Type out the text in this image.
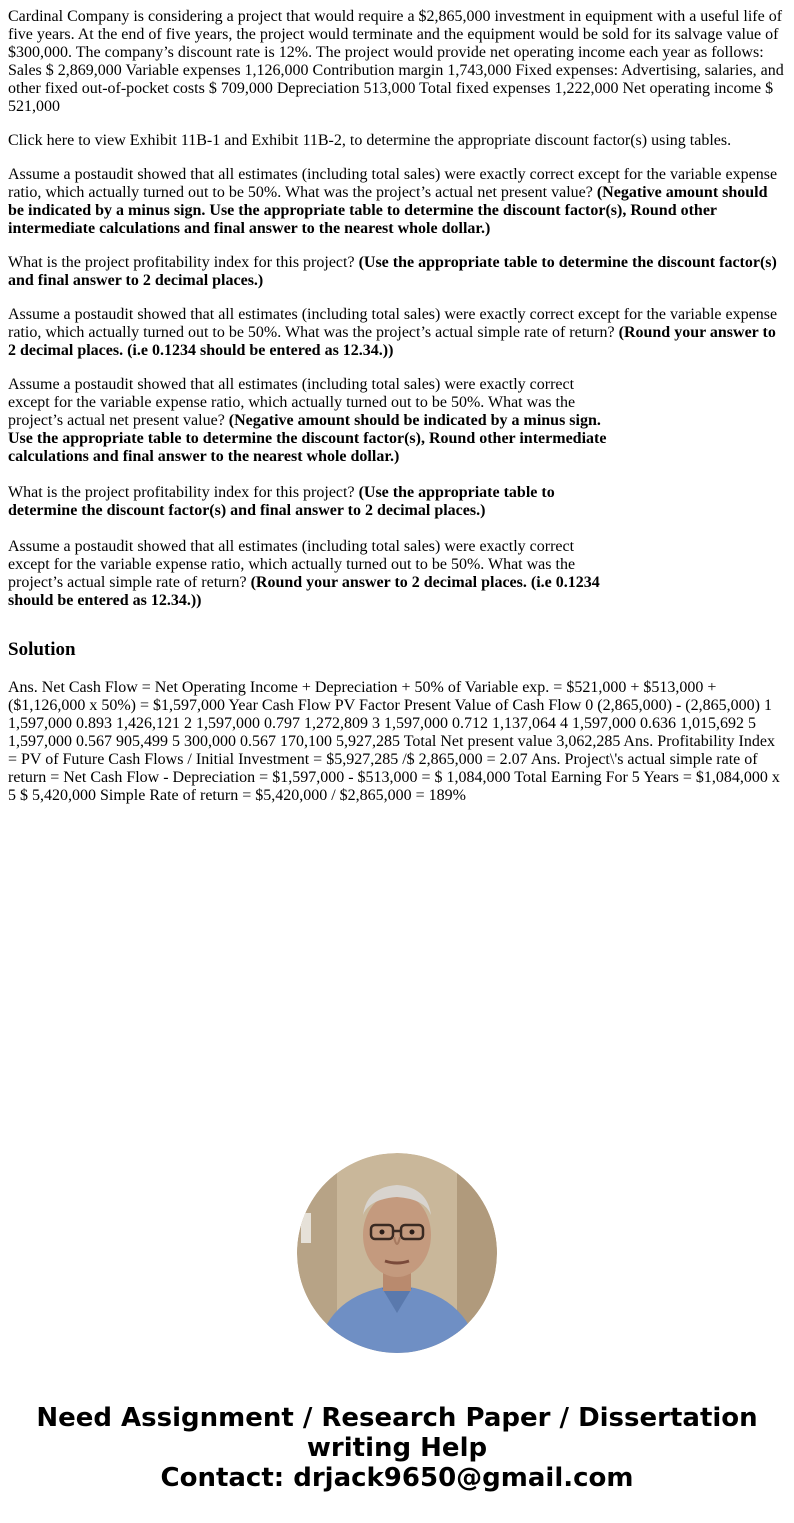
Cardinal Company is considering a project that would require a $2,865,000 investment in equipment with a useful life of five years. At the end of five years, the project would terminate and the equipment would be sold for its salvage value of $300,000. The company’s discount rate is 12%. The project would provide net operating income each year as follows: Sales $ 2,869,000 Variable expenses 1,126,000 Contribution margin 1,743,000 Fixed expenses: Advertising, salaries, and other fixed out-of-pocket costs $ 709,000 Depreciation 513,000 Total fixed expenses 1,222,000 Net operating income $ 521,000

Click here to view Exhibit 11B-1 and Exhibit 11B-2, to determine the appropriate discount factor(s) using tables.

Assume a postaudit showed that all estimates (including total sales) were exactly correct except for the variable expense ratio, which actually turned out to be 50%. What was the project’s actual net present value? (Negative amount should be indicated by a minus sign. Use the appropriate table to determine the discount factor(s), Round other intermediate calculations and final answer to the nearest whole dollar.)

What is the project profitability index for this project? (Use the appropriate table to determine the discount factor(s) and final answer to 2 decimal places.)

Assume a postaudit showed that all estimates (including total sales) were exactly correct except for the variable expense ratio, which actually turned out to be 50%. What was the project’s actual simple rate of return? (Round your answer to 2 decimal places. (i.e 0.1234 should be entered as 12.34.))

Assume a postaudit showed that all estimates (including total sales) were exactly correct except for the variable expense ratio, which actually turned out to be 50%. What was the project’s actual net present value? (Negative amount should be indicated by a minus sign. Use the appropriate table to determine the discount factor(s), Round other intermediate calculations and final answer to the nearest whole dollar.)

What is the project profitability index for this project? (Use the appropriate table to determine the discount factor(s) and final answer to 2 decimal places.)

Assume a postaudit showed that all estimates (including total sales) were exactly correct except for the variable expense ratio, which actually turned out to be 50%. What was the project’s actual simple rate of return? (Round your answer to 2 decimal places. (i.e 0.1234 should be entered as 12.34.))

Solution

Ans. Net Cash Flow = Net Operating Income + Depreciation + 50% of Variable exp. = $521,000 + $513,000 + ($1,126,000 x 50%) = $1,597,000 Year Cash Flow PV Factor Present Value of Cash Flow 0 (2,865,000) - (2,865,000) 1 1,597,000 0.893 1,426,121 2 1,597,000 0.797 1,272,809 3 1,597,000 0.712 1,137,064 4 1,597,000 0.636 1,015,692 5 1,597,000 0.567 905,499 5 300,000 0.567 170,100 5,927,285 Total Net present value 3,062,285 Ans. Profitability Index = PV of Future Cash Flows / Initial Investment = $5,927,285 /$ 2,865,000 = 2.07 Ans. Project\'s actual simple rate of return = Net Cash Flow - Depreciation = $1,597,000 - $513,000 = $ 1,084,000 Total Earning For 5 Years = $1,084,000 x 5 $ 5,420,000 Simple Rate of return = $5,420,000 / $2,865,000 = 189%

Need Assignment / Research Paper / Dissertation writing Help
Contact: drjack9650@gmail.com
